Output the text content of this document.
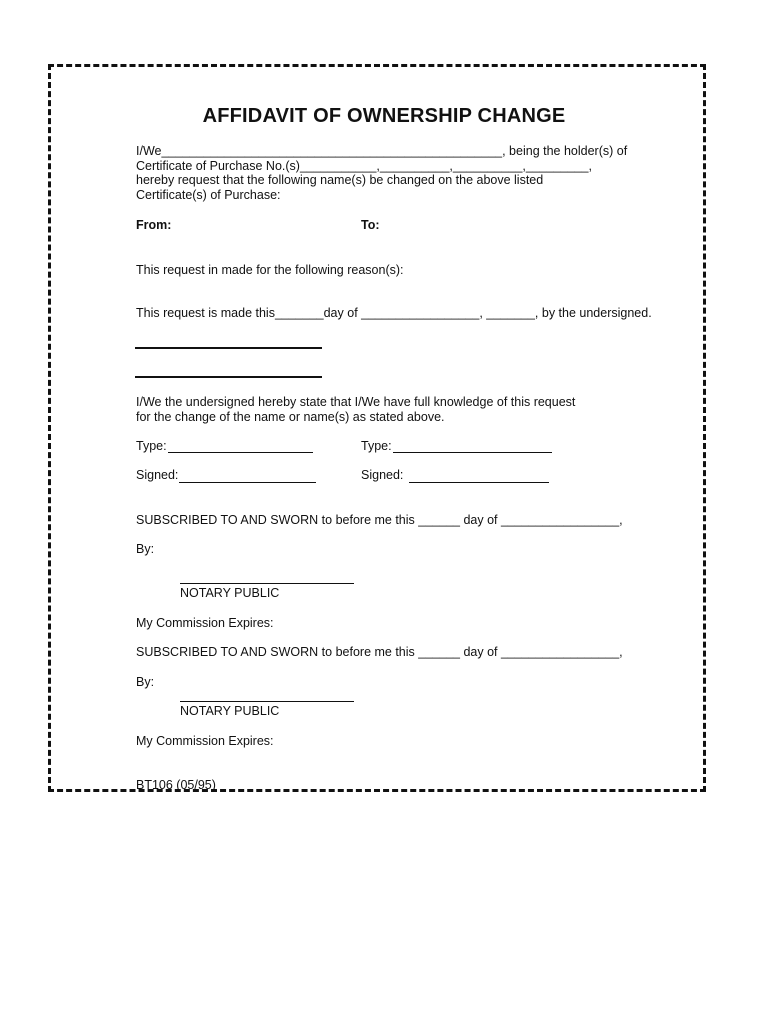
AFFIDAVIT OF OWNERSHIP CHANGE
I/We_________________________________________________, being the holder(s) of
Certificate of Purchase No.(s)___________,__________,__________,_________,
hereby request that the following name(s) be changed on the above listed
Certificate(s) of Purchase:
From:	To:
This request in made for the following reason(s):
This request is made this_______day of _________________, _______, by the undersigned.
I/We the undersigned hereby state that I/We have full knowledge of this request
for the change of the name or name(s) as stated above.
Type:	Type:
Signed:	Signed:
SUBSCRIBED TO AND SWORN to before me this ______ day of _________________,
By:
NOTARY PUBLIC
My Commission Expires:
SUBSCRIBED TO AND SWORN to before me this ______ day of _________________,
By:
NOTARY PUBLIC
My Commission Expires:
BT106 (05/95)
